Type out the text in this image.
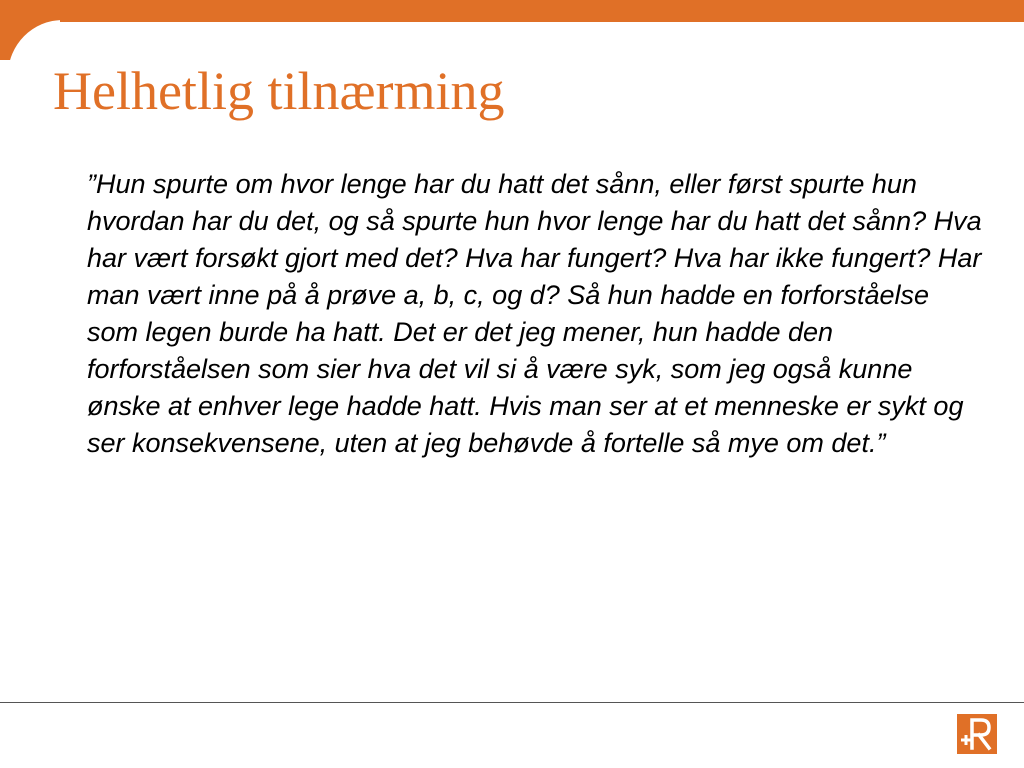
Helhetlig tilnærming

”Hun spurte om hvor lenge har du hatt det sånn, eller først spurte hun hvordan har du det, og så spurte hun hvor lenge har du hatt det sånn? Hva har vært forsøkt gjort med det? Hva har fungert? Hva har ikke fungert? Har man vært inne på å prøve a, b, c, og d? Så hun hadde en forforståelse som legen burde ha hatt. Det er det jeg mener, hun hadde den forforståelsen som sier hva det vil si å være syk, som jeg også kunne ønske at enhver lege hadde hatt. Hvis man ser at et menneske er sykt og ser konsekvensene, uten at jeg behøvde å fortelle så mye om det.”
